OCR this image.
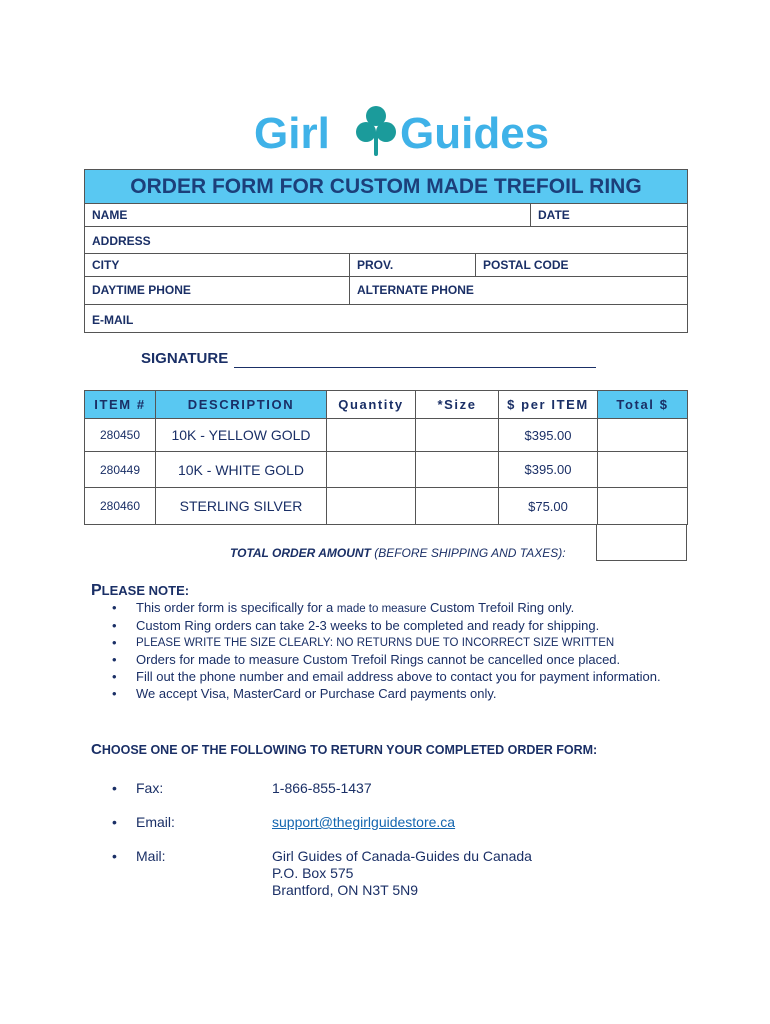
Girl Guides
ORDER FORM FOR CUSTOM MADE TREFOIL RING
NAME	DATE
ADDRESS
CITY	PROV.	POSTAL CODE
DAYTIME PHONE	ALTERNATE PHONE
E-MAIL
SIGNATURE
ITEM #	DESCRIPTION	Quantity	*Size	$ per ITEM	Total $
280450	10K - YELLOW GOLD			$395.00	
280449	10K - WHITE GOLD			$395.00	
280460	STERLING SILVER			$75.00	
TOTAL ORDER AMOUNT (BEFORE SHIPPING AND TAXES):
PLEASE NOTE:
• This order form is specifically for a made to measure Custom Trefoil Ring only.
• Custom Ring orders can take 2-3 weeks to be completed and ready for shipping.
• PLEASE WRITE THE SIZE CLEARLY: NO RETURNS DUE TO INCORRECT SIZE WRITTEN
• Orders for made to measure Custom Trefoil Rings cannot be cancelled once placed.
• Fill out the phone number and email address above to contact you for payment information.
• We accept Visa, MasterCard or Purchase Card payments only.
CHOOSE ONE OF THE FOLLOWING TO RETURN YOUR COMPLETED ORDER FORM:
• Fax:	1-866-855-1437
• Email:	support@thegirlguidestore.ca
• Mail:	Girl Guides of Canada-Guides du Canada
P.O. Box 575
Brantford, ON N3T 5N9
